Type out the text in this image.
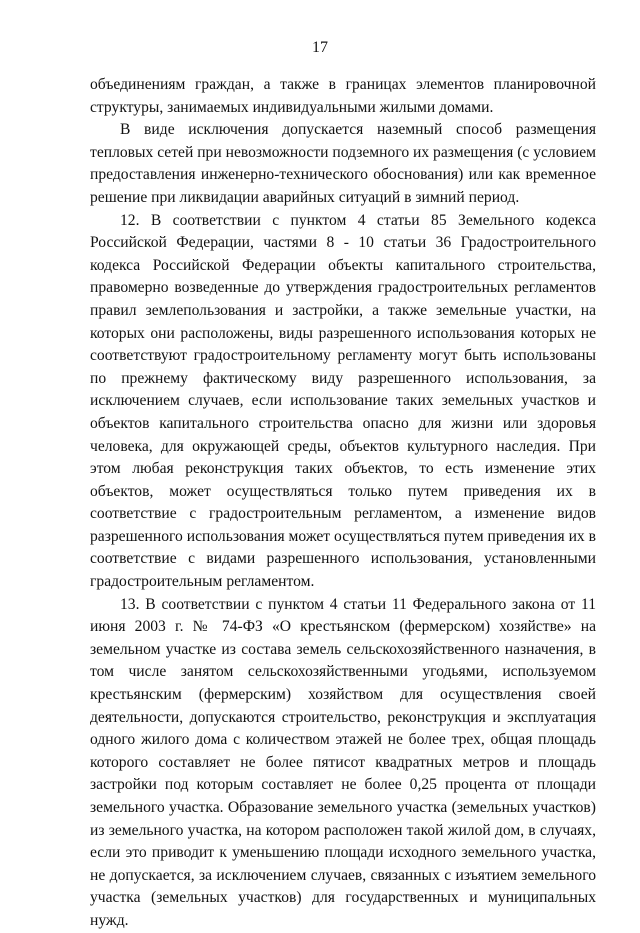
17

объединениям граждан, а также в границах элементов планировочной структуры, занимаемых индивидуальными жилыми домами.

В виде исключения допускается наземный способ размещения тепловых сетей при невозможности подземного их размещения (с условием предоставления инженерно-технического обоснования) или как временное решение при ликвидации аварийных ситуаций в зимний период.

12. В соответствии с пунктом 4 статьи 85 Земельного кодекса Российской Федерации, частями 8 - 10 статьи 36 Градостроительного кодекса Российской Федерации объекты капитального строительства, правомерно возведенные до утверждения градостроительных регламентов правил землепользования и застройки, а также земельные участки, на которых они расположены, виды разрешенного использования которых не соответствуют градостроительному регламенту могут быть использованы по прежнему фактическому виду разрешенного использования, за исключением случаев, если использование таких земельных участков и объектов капитального строительства опасно для жизни или здоровья человека, для окружающей среды, объектов культурного наследия. При этом любая реконструкция таких объектов, то есть изменение этих объектов, может осуществляться только путем приведения их в соответствие с градостроительным регламентом, а изменение видов разрешенного использования может осуществляться путем приведения их в соответствие с видами разрешенного использования, установленными градостроительным регламентом.

13. В соответствии с пунктом 4 статьи 11 Федерального закона от 11 июня 2003 г. № 74-ФЗ «О крестьянском (фермерском) хозяйстве» на земельном участке из состава земель сельскохозяйственного назначения, в том числе занятом сельскохозяйственными угодьями, используемом крестьянским (фермерским) хозяйством для осуществления своей деятельности, допускаются строительство, реконструкция и эксплуатация одного жилого дома с количеством этажей не более трех, общая площадь которого составляет не более пятисот квадратных метров и площадь застройки под которым составляет не более 0,25 процента от площади земельного участка. Образование земельного участка (земельных участков) из земельного участка, на котором расположен такой жилой дом, в случаях, если это приводит к уменьшению площади исходного земельного участка, не допускается, за исключением случаев, связанных с изъятием земельного участка (земельных участков) для государственных и муниципальных нужд.
